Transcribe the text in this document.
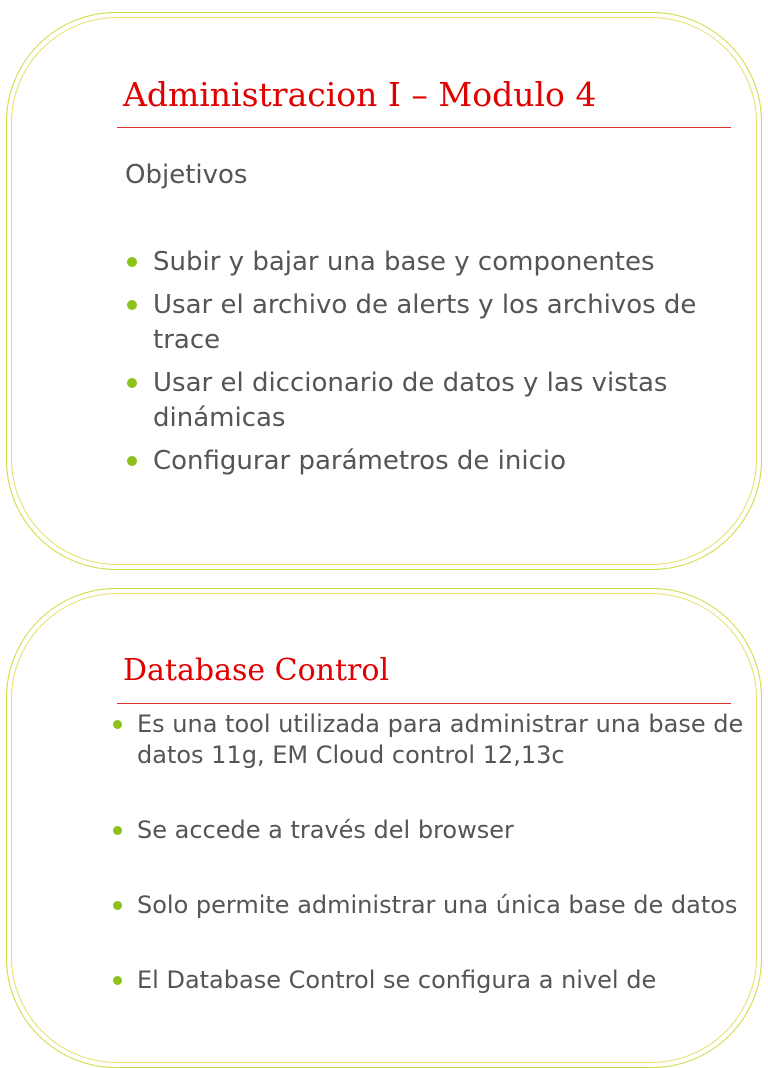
Administracion I – Modulo 4

Objetivos

Subir y bajar una base y componentes
Usar el archivo de alerts y los archivos de trace
Usar el diccionario de datos y las vistas dinámicas
Configurar parámetros de inicio
Database Control
Es una tool utilizada para administrar una base de datos 11g, EM Cloud control 12,13c
Se accede a través del browser
Solo permite administrar una única base de datos
El Database Control se configura a nivel de
